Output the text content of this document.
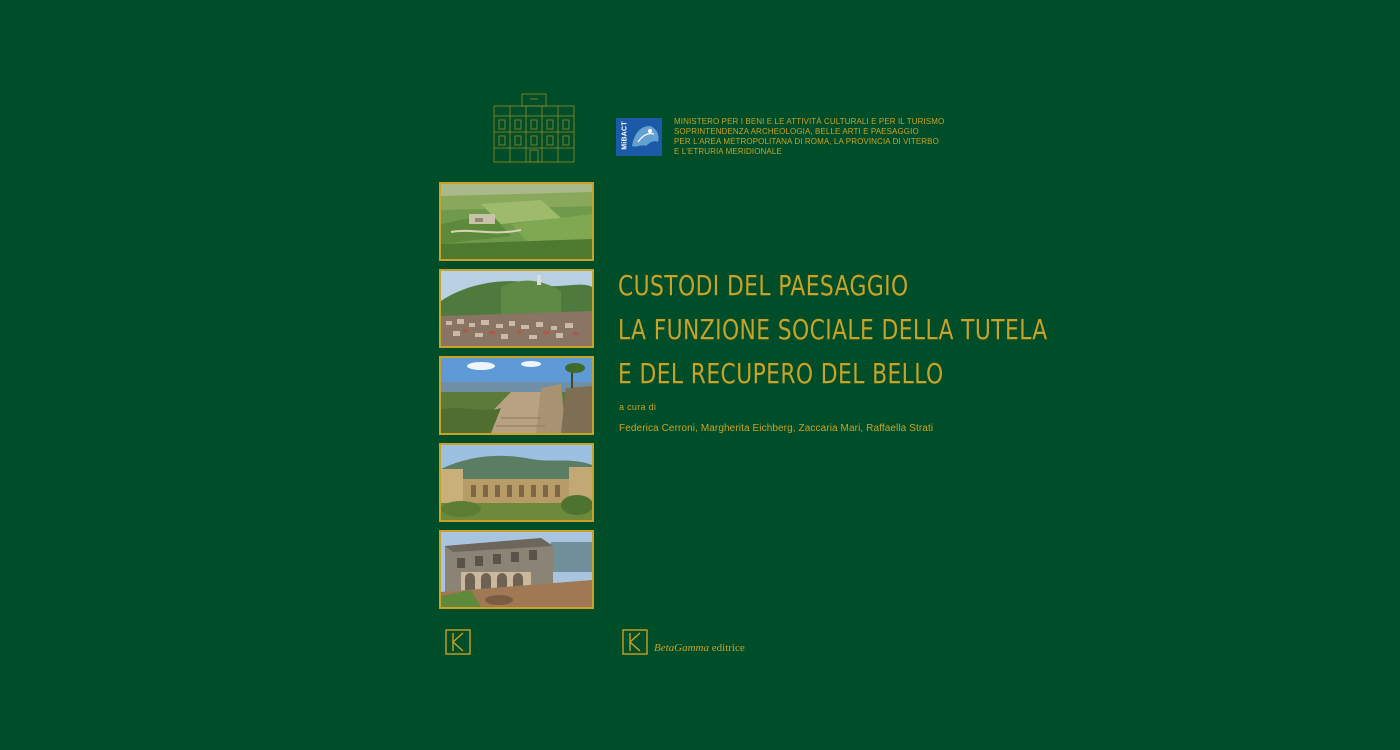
MiBACT	MINISTERO PER I BENI E LE ATTIVITÀ CULTURALI E PER IL TURISMO
SOPRINTENDENZA ARCHEOLOGIA, BELLE ARTI E PAESAGGIO
PER L'AREA METROPOLITANA DI ROMA, LA PROVINCIA DI VITERBO
E L'ETRURIA MERIDIONALE
CUSTODI DEL PAESAGGIO
LA FUNZIONE SOCIALE DELLA TUTELA
E DEL RECUPERO DEL BELLO
a cura di
Federica Cerroni, Margherita Eichberg, Zaccaria Mari, Raffaella Strati
BetaGamma editrice
